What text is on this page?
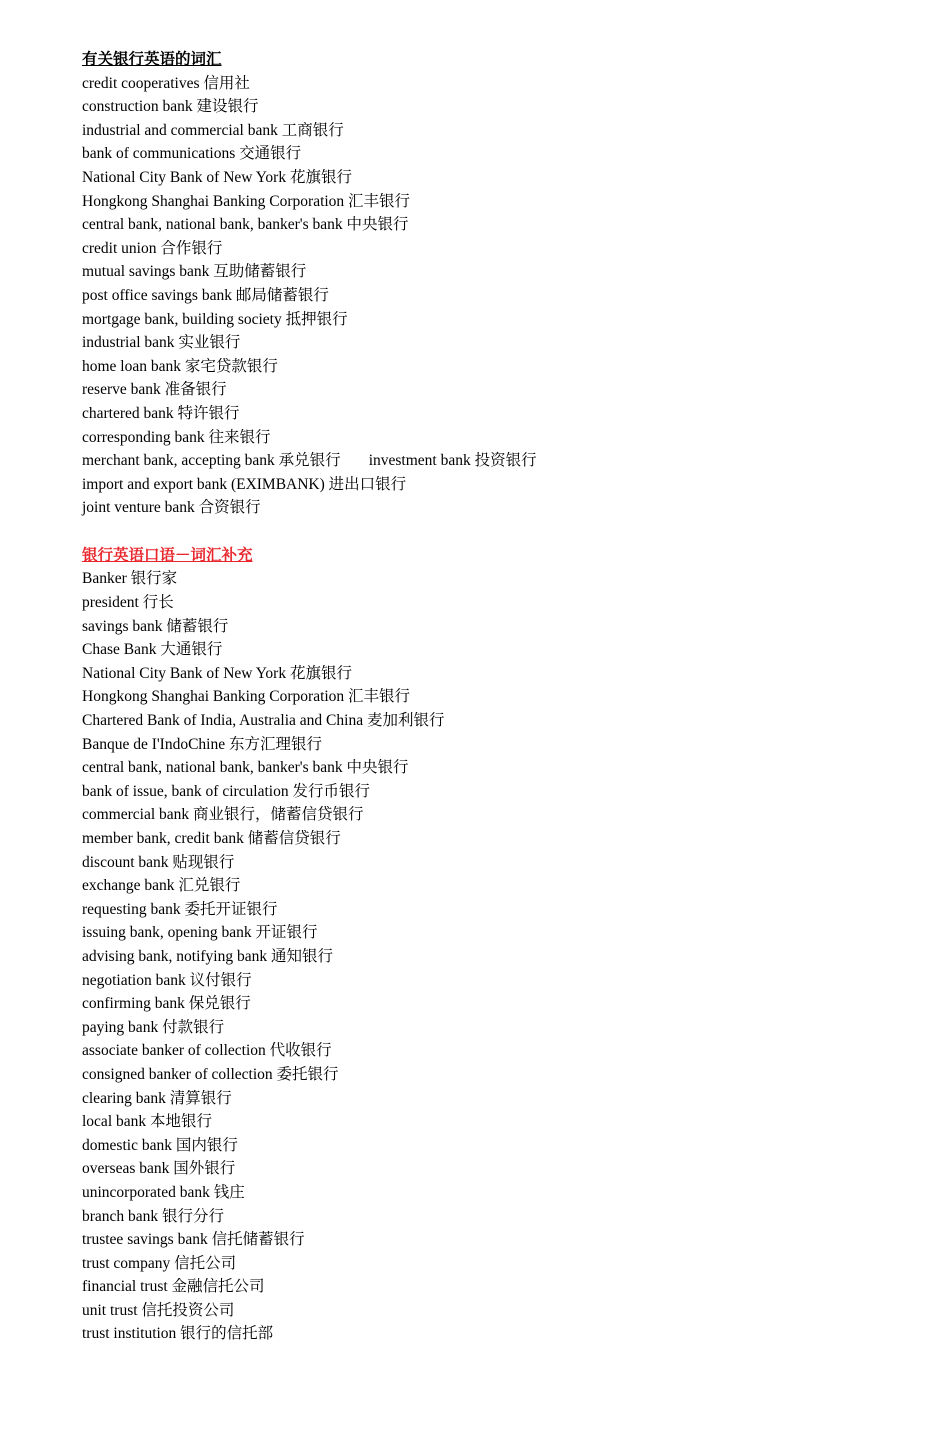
有关银行英语的词汇
credit cooperatives 信用社
construction bank 建设银行
industrial and commercial bank 工商银行
bank of communications 交通银行
National City Bank of New York 花旗银行
Hongkong Shanghai Banking Corporation 汇丰银行
central bank, national bank, banker's bank 中央银行
credit union 合作银行
mutual savings bank 互助储蓄银行
post office savings bank 邮局储蓄银行
mortgage bank, building society 抵押银行
industrial bank 实业银行
home loan bank 家宅贷款银行
reserve bank 准备银行
chartered bank 特许银行
corresponding bank 往来银行
merchant bank, accepting bank 承兑银行 investment bank 投资银行
import and export bank (EXIMBANK) 进出口银行
joint venture bank 合资银行
银行英语口语－词汇补充
Banker 银行家
president 行长
savings bank 储蓄银行
Chase Bank 大通银行
National City Bank of New York 花旗银行
Hongkong Shanghai Banking Corporation 汇丰银行
Chartered Bank of India, Australia and China 麦加利银行
Banque de I'IndoChine 东方汇理银行
central bank, national bank, banker's bank 中央银行
bank of issue, bank of circulation 发行币银行
commercial bank 商业银行，储蓄信贷银行
member bank, credit bank 储蓄信贷银行
discount bank 贴现银行
exchange bank 汇兑银行
requesting bank 委托开证银行
issuing bank, opening bank 开证银行
advising bank, notifying bank 通知银行
negotiation bank 议付银行
confirming bank 保兑银行
paying bank 付款银行
associate banker of collection 代收银行
consigned banker of collection 委托银行
clearing bank 清算银行
local bank 本地银行
domestic bank 国内银行
overseas bank 国外银行
unincorporated bank 钱庄
branch bank 银行分行
trustee savings bank 信托储蓄银行
trust company 信托公司
financial trust 金融信托公司
unit trust 信托投资公司
trust institution 银行的信托部
